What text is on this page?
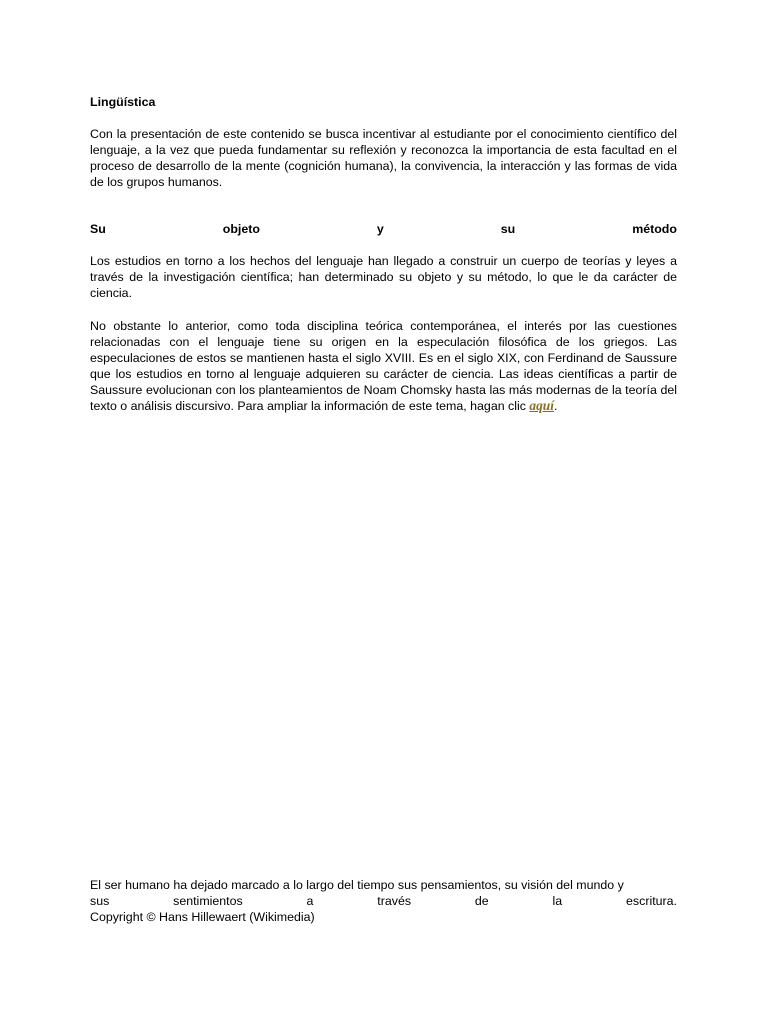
Lingüística

Con la presentación de este contenido se busca incentivar al estudiante por el conocimiento científico del lenguaje, a la vez que pueda fundamentar su reflexión y reconozca la importancia de esta facultad en el proceso de desarrollo de la mente (cognición humana), la convivencia, la interacción y las formas de vida de los grupos humanos.

Su	objeto	y	su	método

Los estudios en torno a los hechos del lenguaje han llegado a construir un cuerpo de teorías y leyes a través de la investigación científica; han determinado su objeto y su método, lo que le da carácter de ciencia.

No obstante lo anterior, como toda disciplina teórica contemporánea, el interés por las cuestiones relacionadas con el lenguaje tiene su origen en la especulación filosófica de los griegos. Las especulaciones de estos se mantienen hasta el siglo XVIII. Es en el siglo XIX, con Ferdinand de Saussure que los estudios en torno al lenguaje adquieren su carácter de ciencia. Las ideas científicas a partir de Saussure evolucionan con los planteamientos de Noam Chomsky hasta las más modernas de la teoría del texto o análisis discursivo. Para ampliar la información de este tema, hagan clic aquí.

El ser humano ha dejado marcado a lo largo del tiempo sus pensamientos, su visión del mundo y
sus	sentimientos	a	través	de	la	escritura.
Copyright © Hans Hillewaert (Wikimedia)
